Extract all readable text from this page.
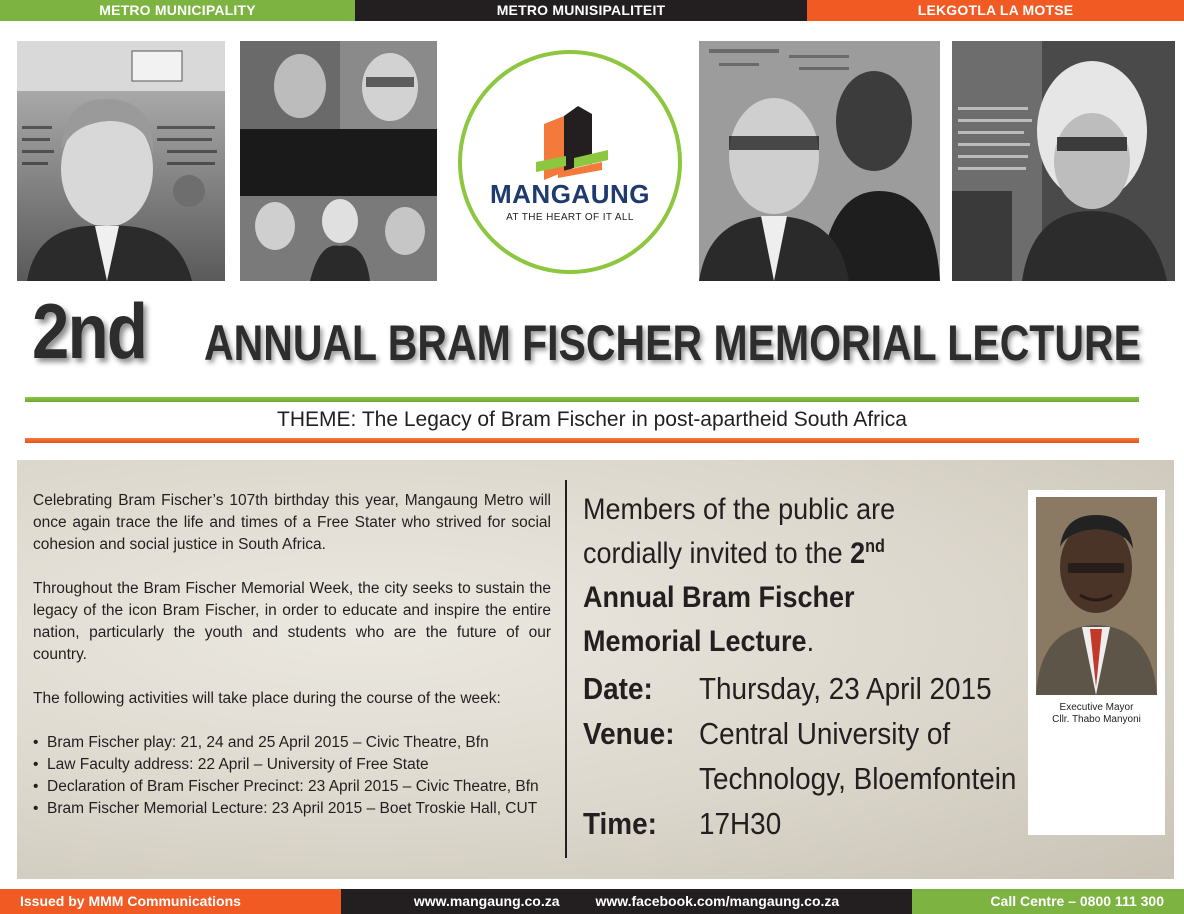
METRO MUNICIPALITY	METRO MUNISIPALITEIT	LEKGOTLA LA MOTSE
MANGAUNG
AT THE HEART OF IT ALL
2nd ANNUAL BRAM FISCHER MEMORIAL LECTURE
THEME: The Legacy of Bram Fischer in post-apartheid South Africa

Celebrating Bram Fischer’s 107th birthday this year, Mangaung Metro will once again trace the life and times of a Free Stater who strived for social cohesion and social justice in South Africa.

Throughout the Bram Fischer Memorial Week, the city seeks to sustain the legacy of the icon Bram Fischer, in order to educate and inspire the entire nation, particularly the youth and students who are the future of our country.

The following activities will take place during the course of the week:

• Bram Fischer play: 21, 24 and 25 April 2015 – Civic Theatre, Bfn
• Law Faculty address: 22 April – University of Free State
• Declaration of Bram Fischer Precinct: 23 April 2015 – Civic Theatre, Bfn
• Bram Fischer Memorial Lecture: 23 April 2015 – Boet Troskie Hall, CUT
Members of the public are cordially invited to the 2nd Annual Bram Fischer Memorial Lecture.
Date:	Thursday, 23 April 2015
Venue: Central University of
Technology, Bloemfontein
Time:	17H30
Executive Mayor
Cllr. Thabo Manyoni
Issued by MMM Communications	www.mangaung.co.za	www.facebook.com/mangaung.co.za	Call Centre – 0800 111 300
